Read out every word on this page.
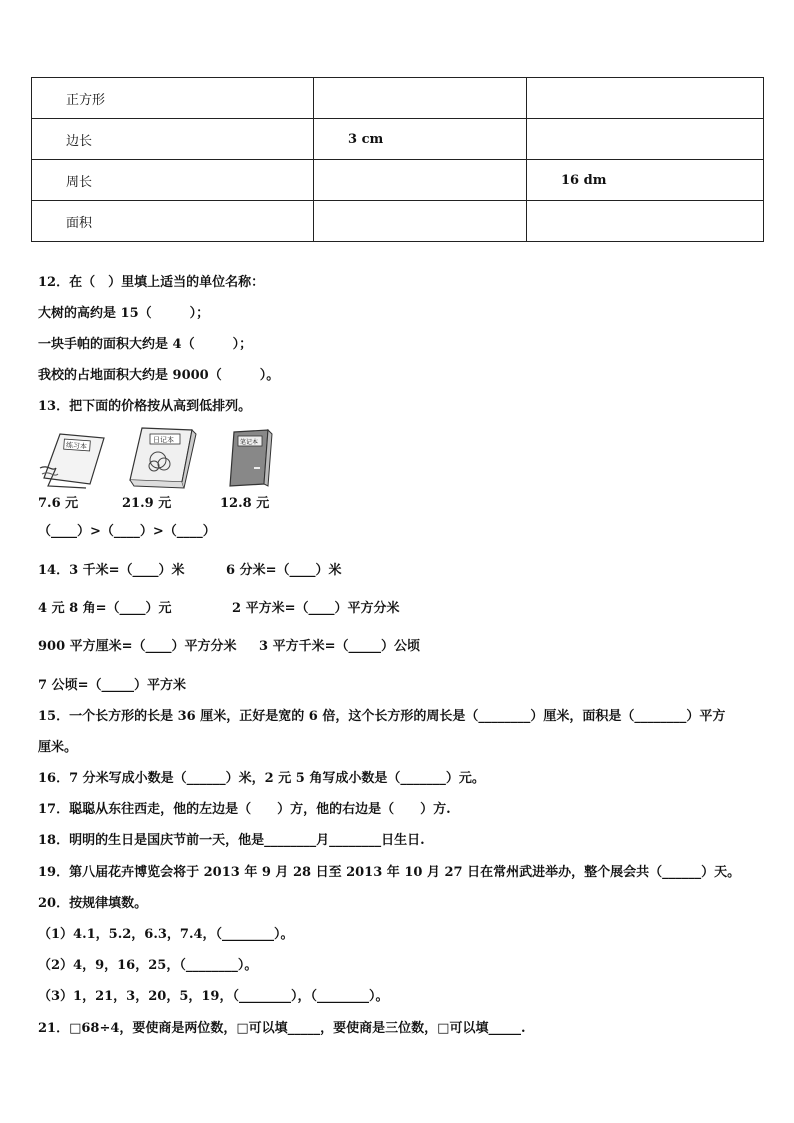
正方形		
边长	3 cm	
周长		16 dm
面积		
12．在（　）里填上适当的单位名称：
大树的高约是 15（	）；
一块手帕的面积大约是 4（	）；
我校的占地面积大约是 9000（	）。
13．把下面的价格按从高到低排列。
练习本
日记本	笔记本
7.6 元	21.9 元	12.8 元
（____）>（____）>（____）
14．3 千米=（____）米	6 分米=（____）米
4 元 8 角=（____）元	2 平方米=（____）平方分米
900 平方厘米=（____）平方分米 3 平方千米=（_____）公顷
7 公顷=（_____）平方米
15．一个长方形的长是 36 厘米，正好是宽的 6 倍，这个长方形的周长是（________）厘米，面积是（________）平方
厘米。
16．7 分米写成小数是（______）米，2 元 5 角写成小数是（_______）元。
17．聪聪从东往西走，他的左边是（　　）方，他的右边是（　　）方.
18．明明的生日是国庆节前一天，他是________月________日生日.
19．第八届花卉博览会将于 2013 年 9 月 28 日至 2013 年 10 月 27 日在常州武进举办，整个展会共（______）天。
20．按规律填数。
（1）4.1，5.2，6.3，7.4，（________）。
（2）4，9，16，25，（________）。
（3）1，21，3，20，5，19，（________），（________）。
21．□68÷4，要使商是两位数，□可以填_____，要使商是三位数，□可以填_____.
